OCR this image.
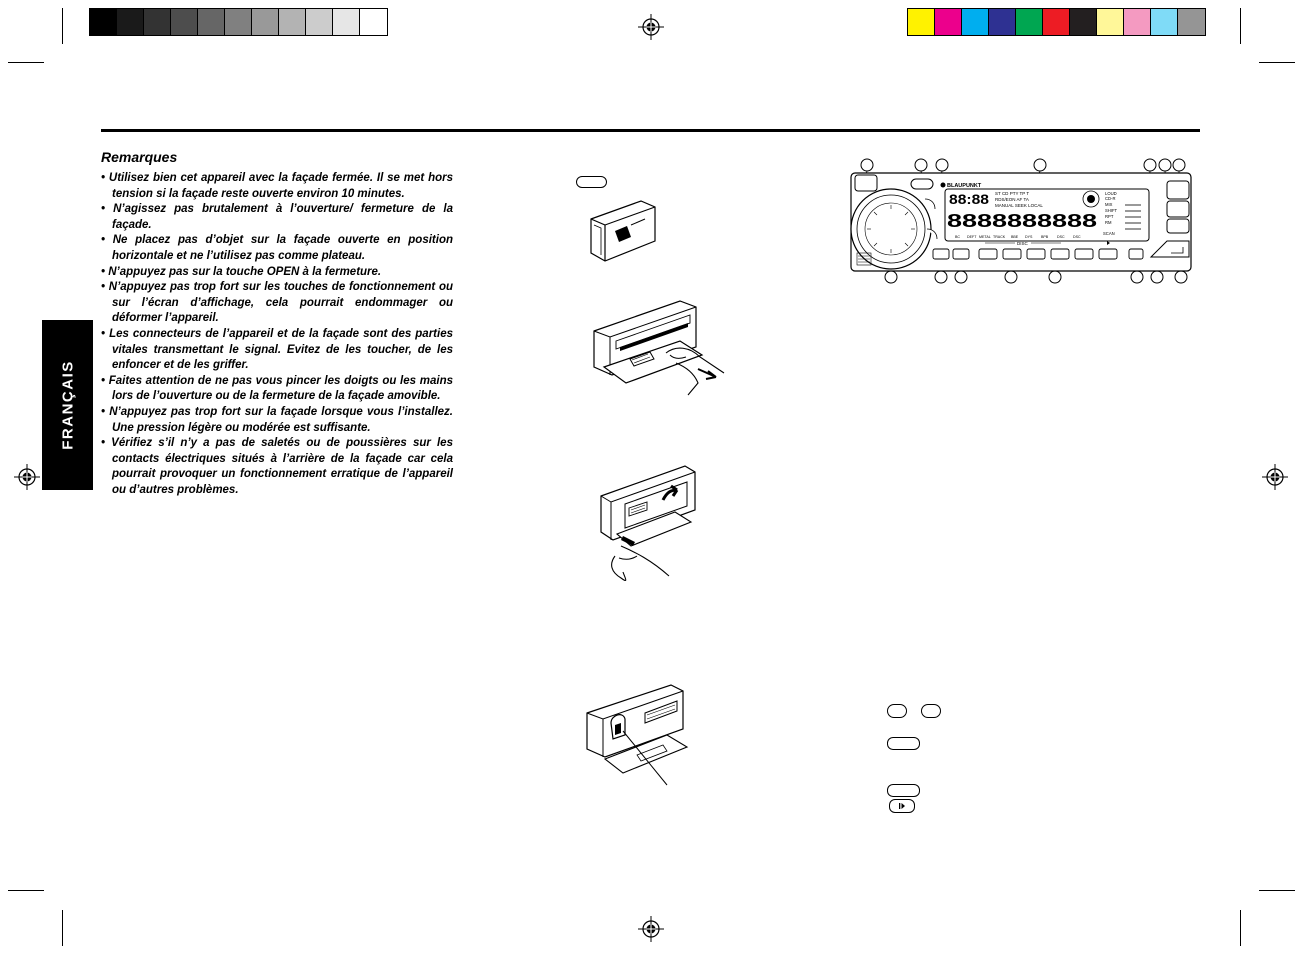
FRANÇAIS
Remarques
• Utilisez bien cet appareil avec la façade fermée. Il se met hors tension si la façade reste ouverte environ 10 minutes.
• N’agissez pas brutalement à l’ouverture/ fermeture de la façade.
• Ne placez pas d’objet sur la façade ouverte en position horizontale et ne l’utilisez pas comme plateau.
• N’appuyez pas sur la touche OPEN à la fermeture.
• N’appuyez pas trop fort sur les touches de fonctionnement ou sur l’écran d’affichage, cela pourrait endommager ou déformer l’appareil.
• Les connecteurs de l’appareil et de la façade sont des parties vitales transmettant le signal. Evitez de les toucher, de les enfoncer et de les griffer.
• Faites attention de ne pas vous pincer les doigts ou les mains lors de l’ouverture ou de la fermeture de la façade amovible.
• N’appuyez pas trop fort sur la façade lorsque vous l’installez. Une pression légère ou modérée est suffisante.
• Vérifiez s’il n’y a pas de saletés ou de poussières sur les contacts électriques situés à l’arrière de la façade car cela pourrait provoquer un fonctionnement erratique de l’appareil ou d’autres problèmes.
BLAUPUNKT
88:88 ST CD PTY TP T
RDS/EON AF TA
MANUAL SEEK LOCAL
LOUD
CD-R
MIX
SHIFT
RPT
RM
SCAN
8888888888
BC DEFT METAL TRACK BBE DYS BPB DSC DSC
DISC
